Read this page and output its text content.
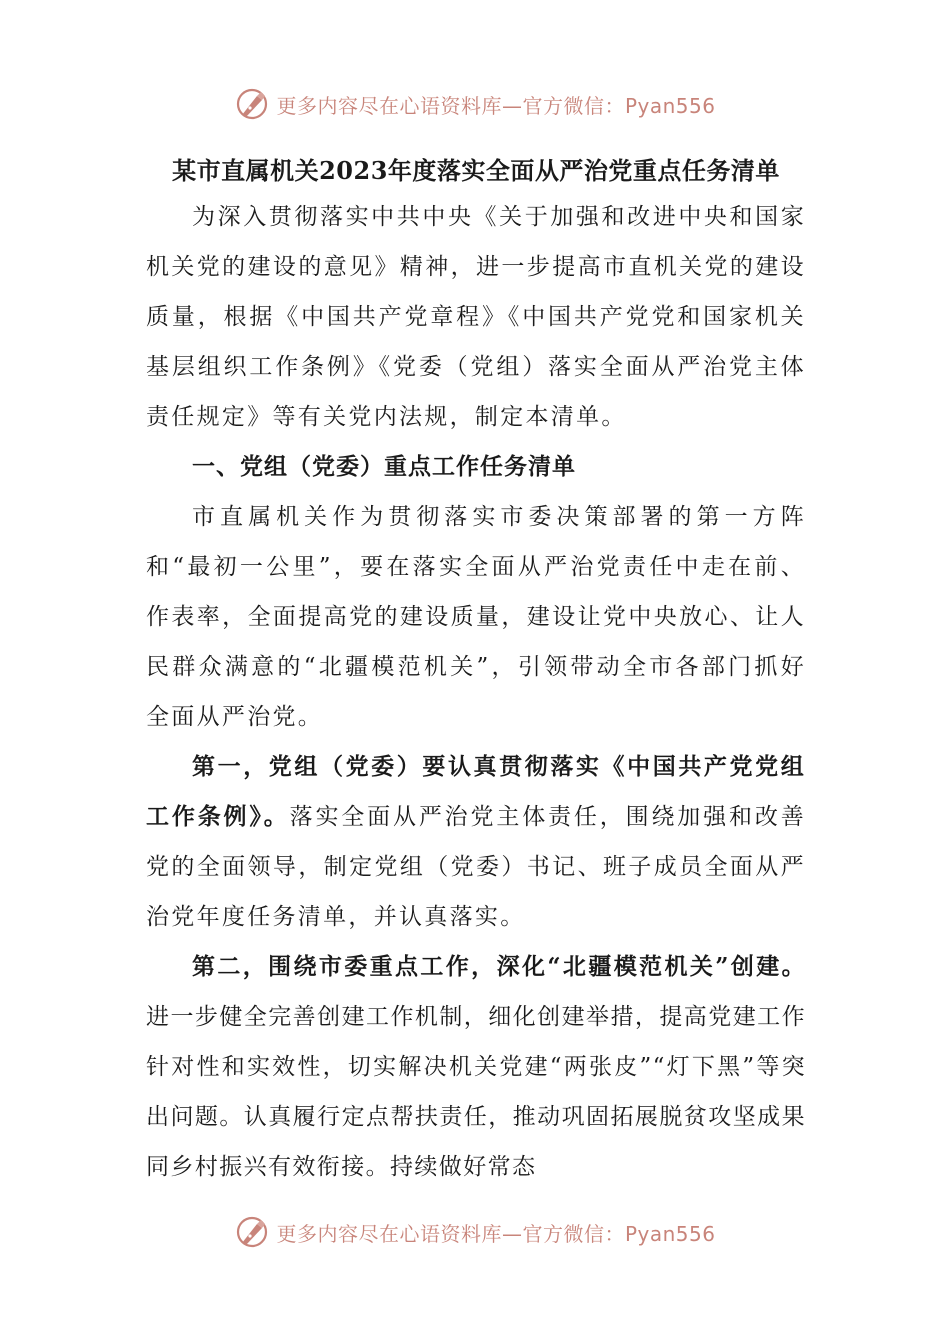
更多内容尽在心语资料库—官方微信：Pyan556
某市直属机关2023年度落实全面从严治党重点任务清单

为深入贯彻落实中共中央《关于加强和改进中央和国家机关党的建设的意见》精神，进一步提高市直机关党的建设质量，根据《中国共产党章程》《中国共产党党和国家机关基层组织工作条例》《党委（党组）落实全面从严治党主体责任规定》等有关党内法规，制定本清单。

一、党组（党委）重点工作任务清单

市直属机关作为贯彻落实市委决策部署的第一方阵和“最初一公里”，要在落实全面从严治党责任中走在前、作表率，全面提高党的建设质量，建设让党中央放心、让人民群众满意的“北疆模范机关”，引领带动全市各部门抓好全面从严治党。

第一，党组（党委）要认真贯彻落实《中国共产党党组工作条例》。落实全面从严治党主体责任，围绕加强和改善党的全面领导，制定党组（党委）书记、班子成员全面从严治党年度任务清单，并认真落实。

第二，围绕市委重点工作，深化“北疆模范机关”创建。进一步健全完善创建工作机制，细化创建举措，提高党建工作针对性和实效性，切实解决机关党建“两张皮”“灯下黑”等突出问题。认真履行定点帮扶责任，推动巩固拓展脱贫攻坚成果同乡村振兴有效衔接。持续做好常态

更多内容尽在心语资料库—官方微信：Pyan556
